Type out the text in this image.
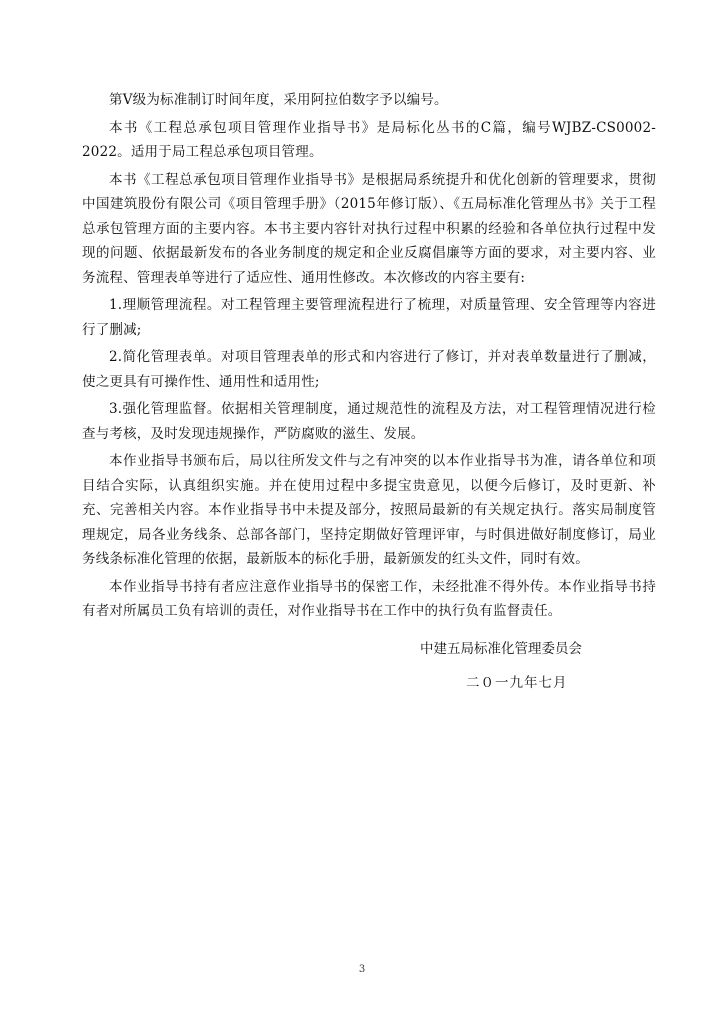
第Ⅴ级为标准制订时间年度，采用阿拉伯数字予以编号。

本书《工程总承包项目管理作业指导书》是局标化丛书的C篇，编号WJBZ-CS0002-2022。适用于局工程总承包项目管理。

本书《工程总承包项目管理作业指导书》是根据局系统提升和优化创新的管理要求，贯彻中国建筑股份有限公司《项目管理手册》（2015年修订版）、《五局标准化管理丛书》关于工程总承包管理方面的主要内容。本书主要内容针对执行过程中积累的经验和各单位执行过程中发现的问题、依据最新发布的各业务制度的规定和企业反腐倡廉等方面的要求，对主要内容、业务流程、管理表单等进行了适应性、通用性修改。本次修改的内容主要有:

1.理顺管理流程。对工程管理主要管理流程进行了梳理，对质量管理、安全管理等内容进行了删减;

2.简化管理表单。对项目管理表单的形式和内容进行了修订，并对表单数量进行了删减，使之更具有可操作性、通用性和适用性;

3.强化管理监督。依据相关管理制度，通过规范性的流程及方法，对工程管理情况进行检查与考核，及时发现违规操作，严防腐败的滋生、发展。

本作业指导书颁布后，局以往所发文件与之有冲突的以本作业指导书为准，请各单位和项目结合实际，认真组织实施。并在使用过程中多提宝贵意见，以便今后修订，及时更新、补充、完善相关内容。本作业指导书中未提及部分，按照局最新的有关规定执行。落实局制度管理规定，局各业务线条、总部各部门，坚持定期做好管理评审，与时俱进做好制度修订，局业务线条标准化管理的依据，最新版本的标化手册，最新颁发的红头文件，同时有效。

本作业指导书持有者应注意作业指导书的保密工作，未经批准不得外传。本作业指导书持有者对所属员工负有培训的责任，对作业指导书在工作中的执行负有监督责任。

中建五局标准化管理委员会
二０一九年七月
3
